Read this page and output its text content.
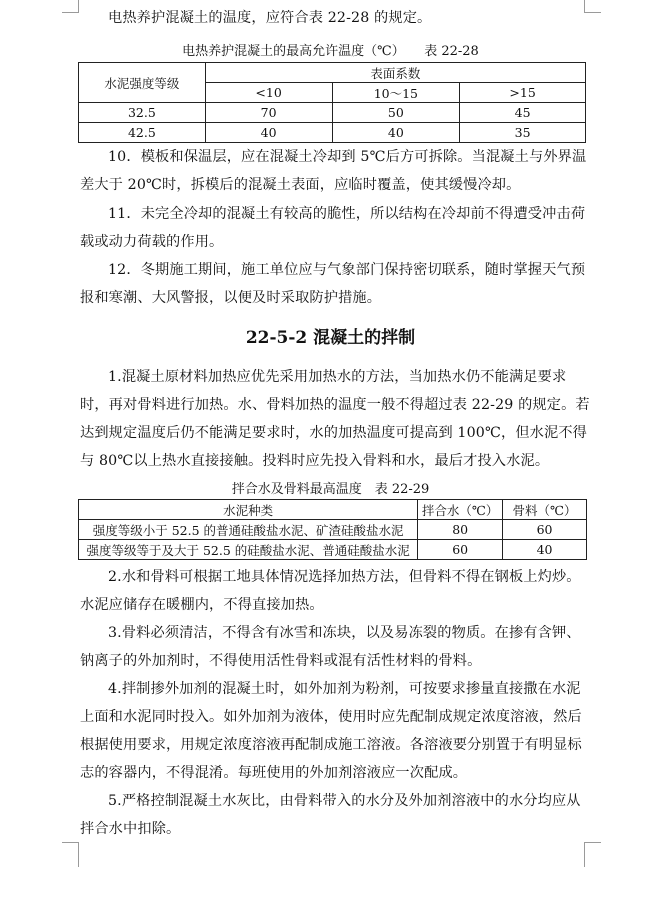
电热养护混凝土的温度，应符合表 22-28 的规定。
电热养护混凝土的最高允许温度（℃）　　表 22-28
水泥强度等级	表面系数		
	<10	10～15	>15
32.5	70	50	45
42.5	40	40	35
10．模板和保温层，应在混凝土冷却到 5℃后方可拆除。当混凝土与外界温
差大于 20℃时，拆模后的混凝土表面，应临时覆盖，使其缓慢冷却。
11．未完全冷却的混凝土有较高的脆性，所以结构在冷却前不得遭受冲击荷
载或动力荷载的作用。
12．冬期施工期间，施工单位应与气象部门保持密切联系，随时掌握天气预
报和寒潮、大风警报，以便及时采取防护措施。
22-5-2 混凝土的拌制
1.混凝土原材料加热应优先采用加热水的方法，当加热水仍不能满足要求
时，再对骨料进行加热。水、骨料加热的温度一般不得超过表 22-29 的规定。若
达到规定温度后仍不能满足要求时，水的加热温度可提高到 100℃，但水泥不得
与 80℃以上热水直接接触。投料时应先投入骨料和水，最后才投入水泥。
拌合水及骨料最高温度　表 22-29
水泥种类	拌合水（℃）	骨料（℃）
强度等级小于 52.5 的普通硅酸盐水泥、矿渣硅酸盐水泥	80	60
强度等级等于及大于 52.5 的硅酸盐水泥、普通硅酸盐水泥	60	40
2.水和骨料可根据工地具体情况选择加热方法，但骨料不得在钢板上灼炒。
水泥应储存在暖棚内，不得直接加热。
3.骨料必须清洁，不得含有冰雪和冻块，以及易冻裂的物质。在掺有含钾、
钠离子的外加剂时，不得使用活性骨料或混有活性材料的骨料。
4.拌制掺外加剂的混凝土时，如外加剂为粉剂，可按要求掺量直接撒在水泥
上面和水泥同时投入。如外加剂为液体，使用时应先配制成规定浓度溶液，然后
根据使用要求，用规定浓度溶液再配制成施工溶液。各溶液要分别置于有明显标
志的容器内，不得混淆。每班使用的外加剂溶液应一次配成。
5.严格控制混凝土水灰比，由骨料带入的水分及外加剂溶液中的水分均应从
拌合水中扣除。
